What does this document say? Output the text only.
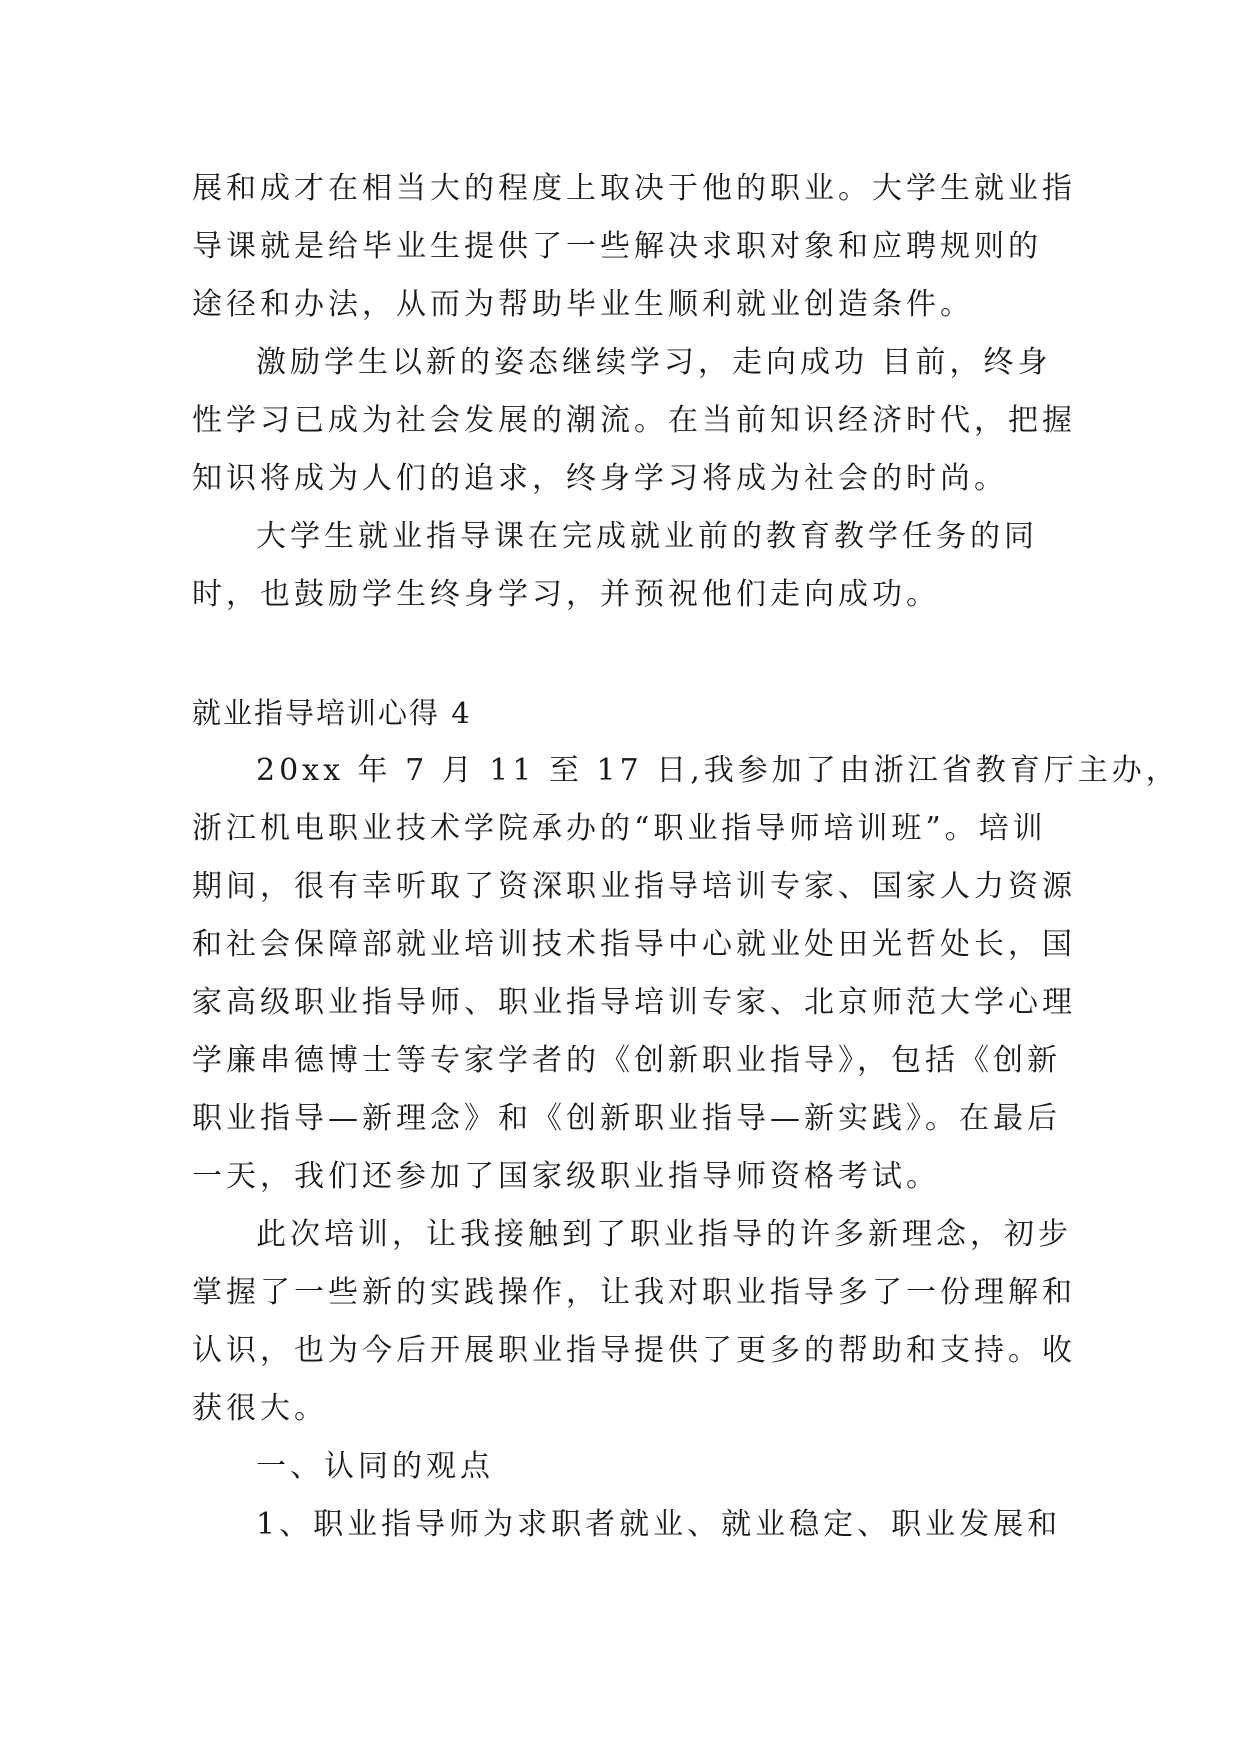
展和成才在相当大的程度上取决于他的职业。大学生就业指
导课就是给毕业生提供了一些解决求职对象和应聘规则的
途径和办法，从而为帮助毕业生顺利就业创造条件。
激励学生以新的姿态继续学习，走向成功 目前，终身
性学习已成为社会发展的潮流。在当前知识经济时代，把握
知识将成为人们的追求，终身学习将成为社会的时尚。
大学生就业指导课在完成就业前的教育教学任务的同
时，也鼓励学生终身学习，并预祝他们走向成功。
就业指导培训心得 4
20xx 年 7 月 11 至 17 日,我参加了由浙江省教育厅主办，
浙江机电职业技术学院承办的“职业指导师培训班”。培训
期间，很有幸听取了资深职业指导培训专家、国家人力资源
和社会保障部就业培训技术指导中心就业处田光哲处长，国
家高级职业指导师、职业指导培训专家、北京师范大学心理
学廉串德博士等专家学者的《创新职业指导》，包括《创新
职业指导—新理念》和《创新职业指导—新实践》。在最后
一天，我们还参加了国家级职业指导师资格考试。
此次培训，让我接触到了职业指导的许多新理念，初步
掌握了一些新的实践操作，让我对职业指导多了一份理解和
认识，也为今后开展职业指导提供了更多的帮助和支持。收
获很大。
一、认同的观点
1、职业指导师为求职者就业、就业稳定、职业发展和
